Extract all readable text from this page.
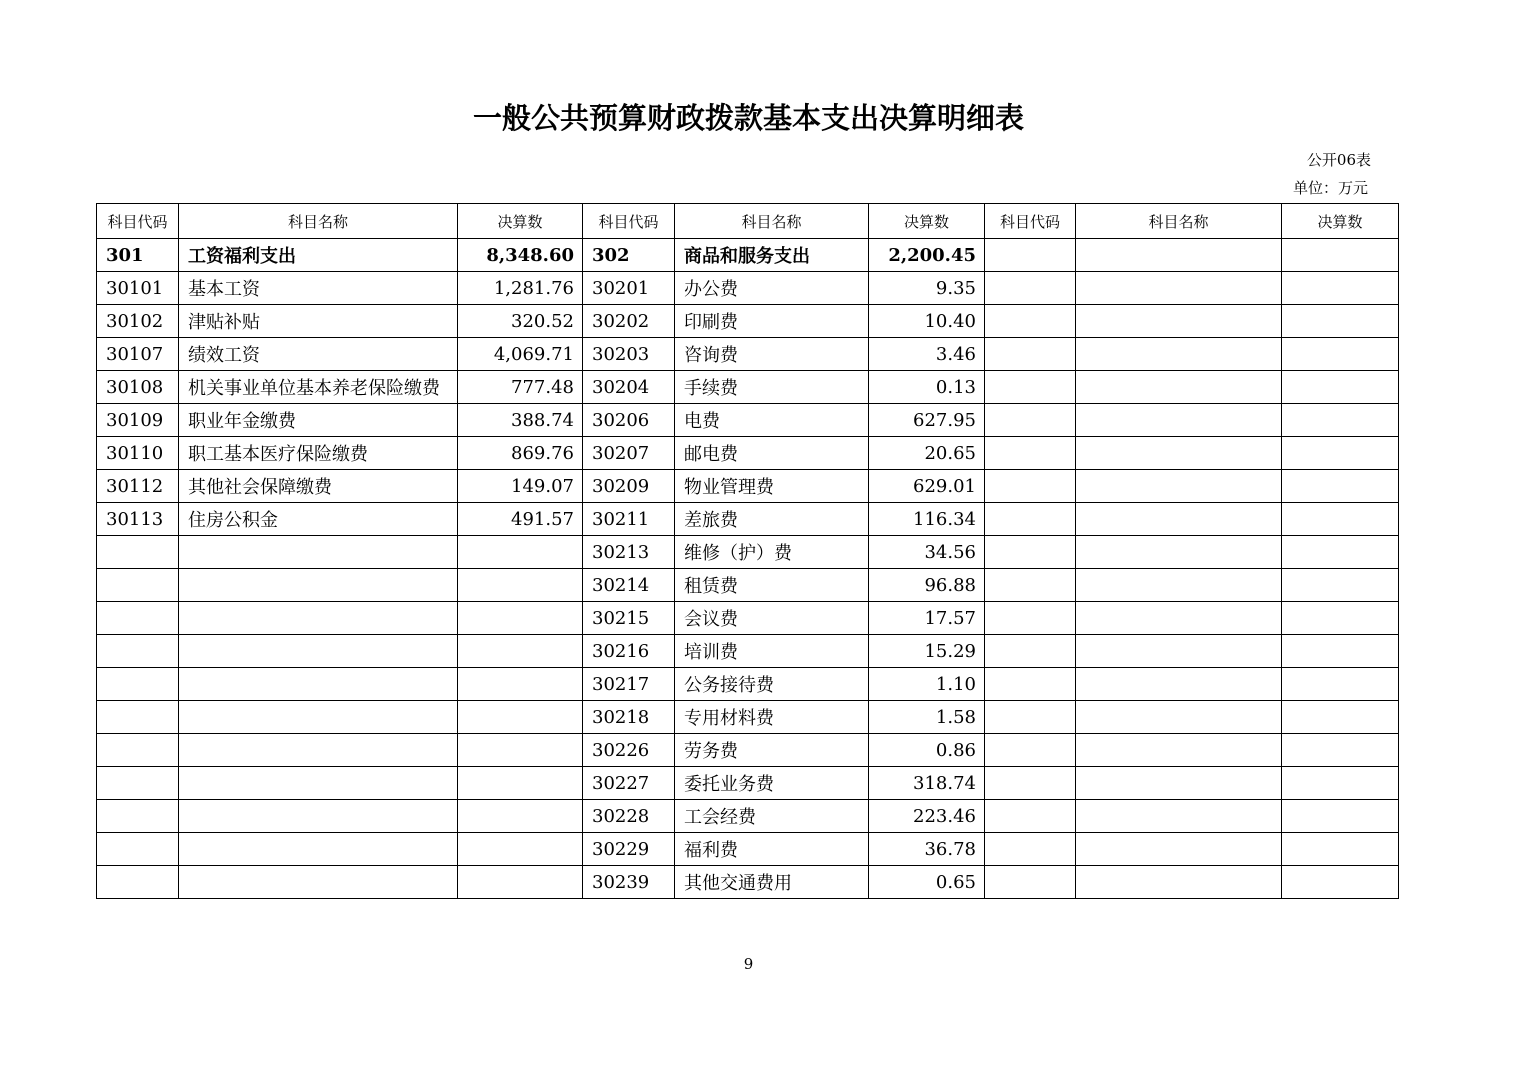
一般公共预算财政拨款基本支出决算明细表
公开06表
单位：万元
科目代码	科目名称	决算数	科目代码	科目名称	决算数	科目代码	科目名称	决算数
301	工资福利支出	8,348.60	302	商品和服务支出	2,200.45			
30101	基本工资	1,281.76	30201	办公费	9.35			
30102	津贴补贴	320.52	30202	印刷费	10.40			
30107	绩效工资	4,069.71	30203	咨询费	3.46			
30108	机关事业单位基本养老保险缴费	777.48	30204	手续费	0.13			
30109	职业年金缴费	388.74	30206	电费	627.95			
30110	职工基本医疗保险缴费	869.76	30207	邮电费	20.65			
30112	其他社会保障缴费	149.07	30209	物业管理费	629.01			
30113	住房公积金	491.57	30211	差旅费	116.34			
			30213	维修（护）费	34.56			
			30214	租赁费	96.88			
			30215	会议费	17.57			
			30216	培训费	15.29			
			30217	公务接待费	1.10			
			30218	专用材料费	1.58			
			30226	劳务费	0.86			
			30227	委托业务费	318.74			
			30228	工会经费	223.46			
			30229	福利费	36.78			
			30239	其他交通费用	0.65			
9
